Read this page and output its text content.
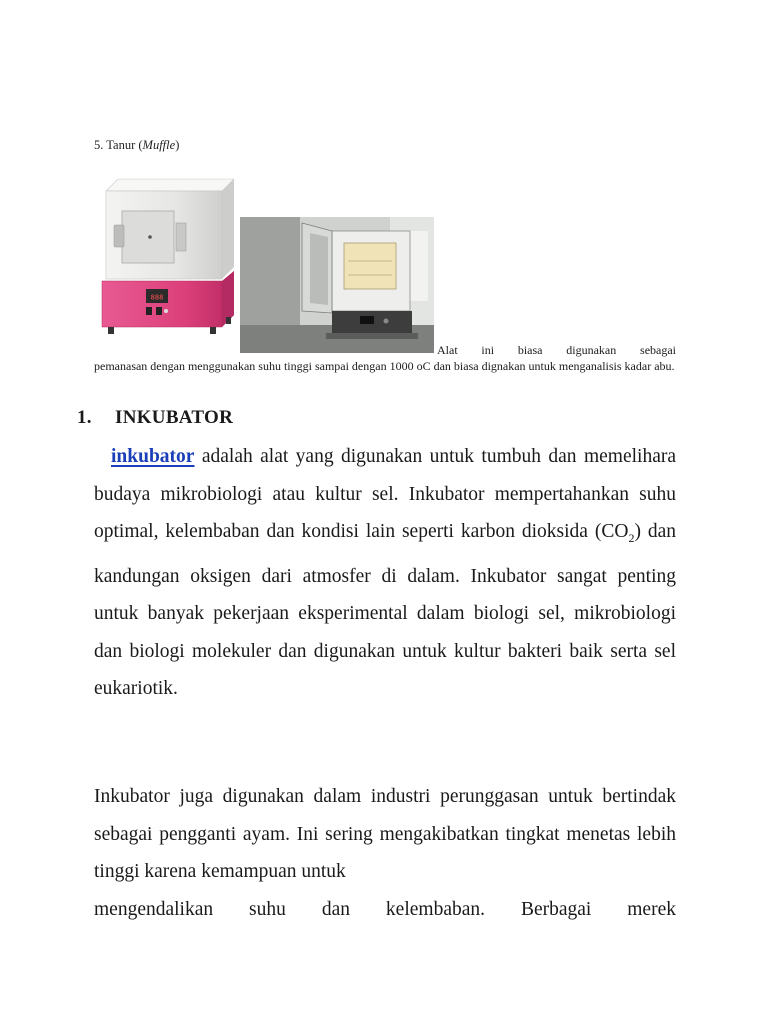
5. Tanur (Muffle)
888
Alat ini biasa digunakan sebagai
pemanasan dengan menggunakan suhu tinggi sampai dengan 1000 oC dan biasa dignakan untuk menganalisis kadar abu.
1. INKUBATOR
inkubator adalah alat yang digunakan untuk tumbuh dan memelihara budaya mikrobiologi atau kultur sel. Inkubator mempertahankan suhu optimal, kelembaban dan kondisi lain seperti karbon dioksida $(CO_2)$ dan kandungan oksigen dari atmosfer di dalam. Inkubator sangat penting untuk banyak pekerjaan eksperimental dalam biologi sel, mikrobiologi dan biologi molekuler dan digunakan untuk kultur bakteri baik serta sel eukariotik.
Inkubator juga digunakan dalam industri perunggasan untuk bertindak sebagai pengganti ayam. Ini sering mengakibatkan tingkat menetas lebih tinggi karena kemampuan untuk
mengendalikan suhu dan kelembaban. Berbagai merek
